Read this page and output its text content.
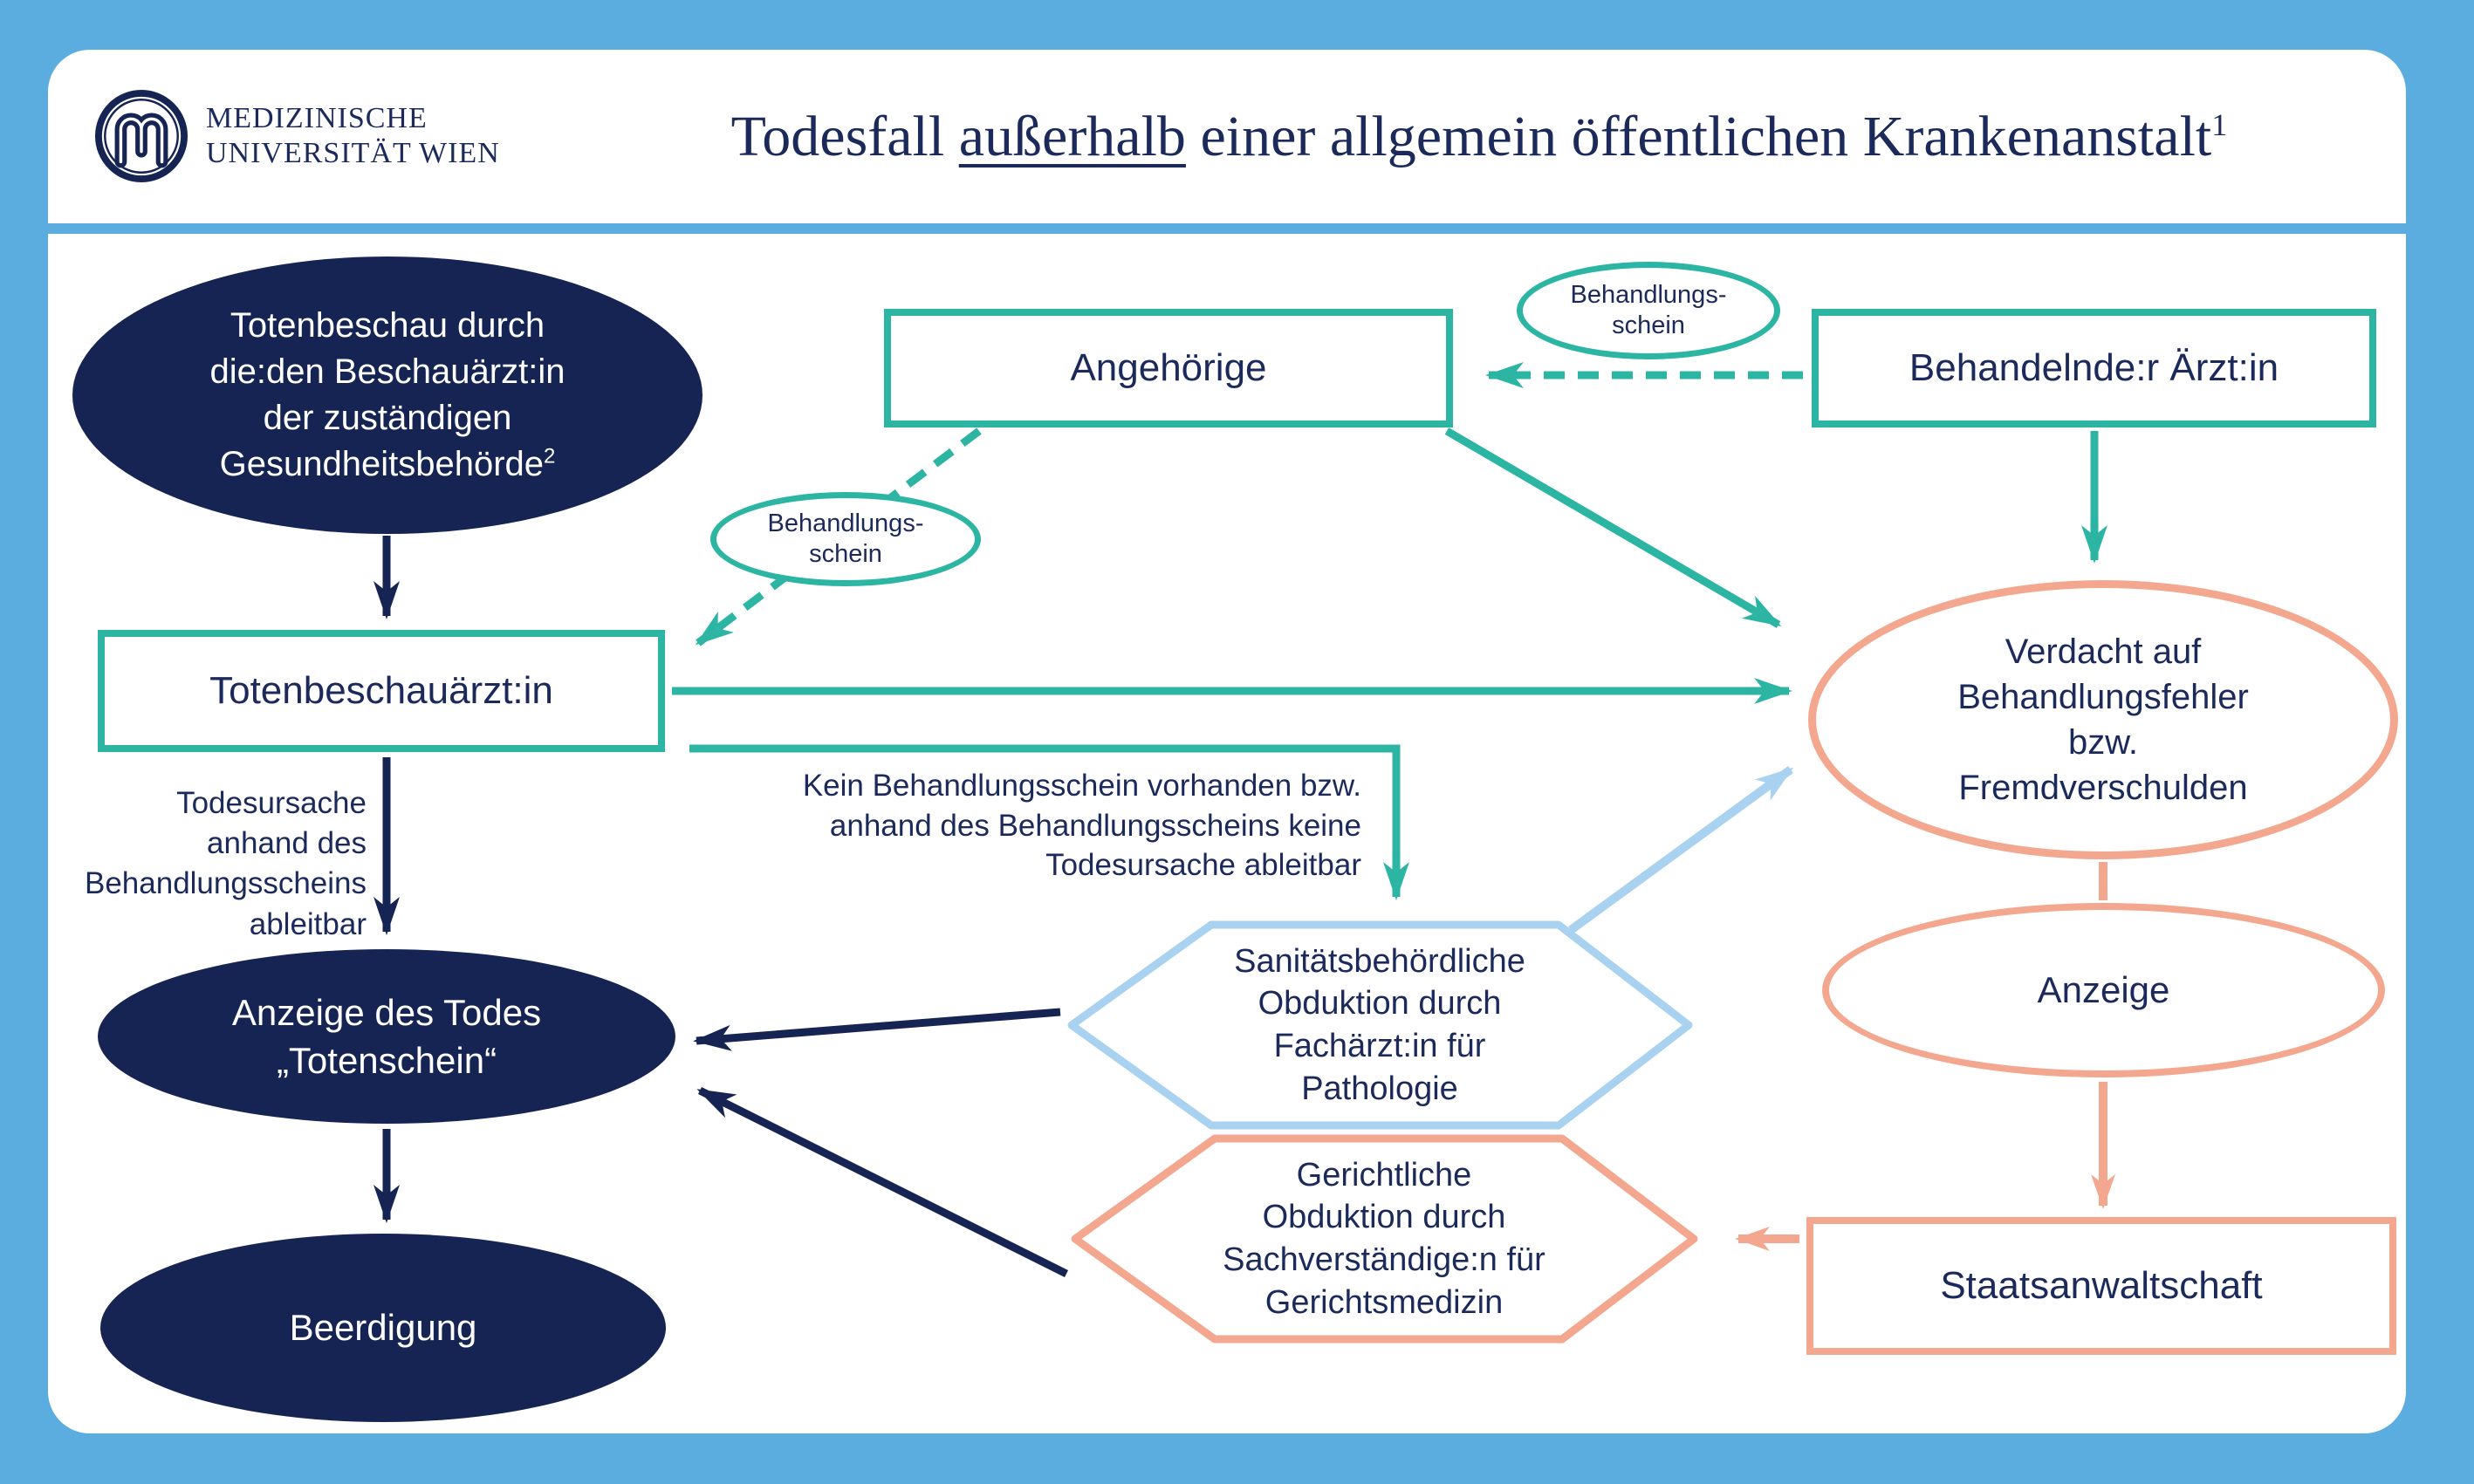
MEDIZINISCHE
UNIVERSITÄT WIEN	Todesfall außerhalb einer allgemein öffentlichen Krankenanstalt$^1$
Totenbeschau durch
die:den Beschauärzt:in
der zuständigen
Gesundheitsbehörde$^2$
Totenbeschauärzt:in
Todesursache
anhand des
Behandlungsscheins
ableitbar
Anzeige des Todes
„Totenschein“
Beerdigung
Angehörige
Behandlungs-
schein
Behandelnde:r Ärzt:in
Behandlungs-
schein
Kein Behandlungsschein vorhanden bzw.
anhand des Behandlungsscheins keine
Todesursache ableitbar
Verdacht auf
Behandlungsfehler
bzw.
Fremdverschulden
Anzeige
Staatsanwaltschaft
Sanitätsbehördliche
Obduktion durch
Fachärzt:in für
Pathologie
Gerichtliche
Obduktion durch
Sachverständige:n für
Gerichtsmedizin
